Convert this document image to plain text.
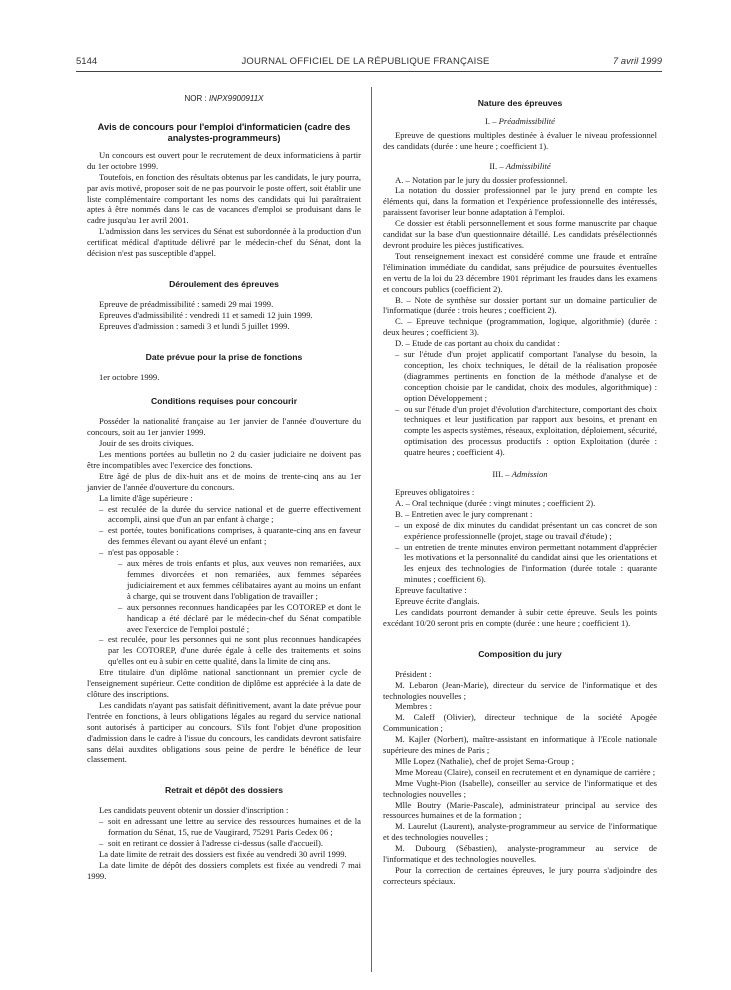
5144	JOURNAL OFFICIEL DE LA RÉPUBLIQUE FRANÇAISE	7 avril 1999
NOR : INPX9900911X
Avis de concours pour l'emploi d'informaticien (cadre des analystes-programmeurs)

Un concours est ouvert pour le recrutement de deux informaticiens à partir du 1er octobre 1999.

Toutefois, en fonction des résultats obtenus par les candidats, le jury pourra, par avis motivé, proposer soit de ne pas pourvoir le poste offert, soit établir une liste complémentaire comportant les noms des candidats qui lui paraîtraient aptes à être nommés dans le cas de vacances d'emploi se produisant dans le cadre jusqu'au 1er avril 2001.

L'admission dans les services du Sénat est subordonnée à la production d'un certificat médical d'aptitude délivré par le médecin-chef du Sénat, dont la décision n'est pas susceptible d'appel.

Déroulement des épreuves

Epreuve de préadmissibilité : samedi 29 mai 1999.

Epreuves d'admissibilité : vendredi 11 et samedi 12 juin 1999.

Epreuves d'admission : samedi 3 et lundi 5 juillet 1999.

Date prévue pour la prise de fonctions

1er octobre 1999.

Conditions requises pour concourir

Posséder la nationalité française au 1er janvier de l'année d'ouverture du concours, soit au 1er janvier 1999.

Jouir de ses droits civiques.

Les mentions portées au bulletin no 2 du casier judiciaire ne doivent pas être incompatibles avec l'exercice des fonctions.

Etre âgé de plus de dix-huit ans et de moins de trente-cinq ans au 1er janvier de l'année d'ouverture du concours.

La limite d'âge supérieure :

– est reculée de la durée du service national et de guerre effectivement accompli, ainsi que d'un an par enfant à charge ;
– est portée, toutes bonifications comprises, à quarante-cinq ans en faveur des femmes élevant ou ayant élevé un enfant ;
– n'est pas opposable :
– aux mères de trois enfants et plus, aux veuves non remariées, aux femmes divorcées et non remariées, aux femmes séparées judiciairement et aux femmes célibataires ayant au moins un enfant à charge, qui se trouvent dans l'obligation de travailler ;
– aux personnes reconnues handicapées par les COTOREP et dont le handicap a été déclaré par le médecin-chef du Sénat compatible avec l'exercice de l'emploi postulé ;
– est reculée, pour les personnes qui ne sont plus reconnues handicapées par les COTOREP, d'une durée égale à celle des traitements et soins qu'elles ont eu à subir en cette qualité, dans la limite de cinq ans.

Etre titulaire d'un diplôme national sanctionnant un premier cycle de l'enseignement supérieur. Cette condition de diplôme est appréciée à la date de clôture des inscriptions.

Les candidats n'ayant pas satisfait définitivement, avant la date prévue pour l'entrée en fonctions, à leurs obligations légales au regard du service national sont autorisés à participer au concours. S'ils font l'objet d'une proposition d'admission dans le cadre à l'issue du concours, les candidats devront satisfaire sans délai auxdites obligations sous peine de perdre le bénéfice de leur classement.

Retrait et dépôt des dossiers

Les candidats peuvent obtenir un dossier d'inscription :

– soit en adressant une lettre au service des ressources humaines et de la formation du Sénat, 15, rue de Vaugirard, 75291 Paris Cedex 06 ;
– soit en retirant ce dossier à l'adresse ci-dessus (salle d'accueil).

La date limite de retrait des dossiers est fixée au vendredi 30 avril 1999.

La date limite de dépôt des dossiers complets est fixée au vendredi 7 mai 1999.

Nature des épreuves
I. – Préadmissibilité

Epreuve de questions multiples destinée à évaluer le niveau professionnel des candidats (durée : une heure ; coefficient 1).

II. – Admissibilité

A. – Notation par le jury du dossier professionnel.

La notation du dossier professionnel par le jury prend en compte les éléments qui, dans la formation et l'expérience professionnelle des intéressés, paraissent favoriser leur bonne adaptation à l'emploi.

Ce dossier est établi personnellement et sous forme manuscrite par chaque candidat sur la base d'un questionnaire détaillé. Les candidats présélectionnés devront produire les pièces justificatives.

Tout renseignement inexact est considéré comme une fraude et entraîne l'élimination immédiate du candidat, sans préjudice de poursuites éventuelles en vertu de la loi du 23 décembre 1901 réprimant les fraudes dans les examens et concours publics (coefficient 2).

B. – Note de synthèse sur dossier portant sur un domaine particulier de l'informatique (durée : trois heures ; coefficient 2).

C. – Epreuve technique (programmation, logique, algorithmie) (durée : deux heures ; coefficient 3).

D. – Etude de cas portant au choix du candidat :

– sur l'étude d'un projet applicatif comportant l'analyse du besoin, la conception, les choix techniques, le détail de la réalisation proposée (diagrammes pertinents en fonction de la méthode d'analyse et de conception choisie par le candidat, choix des modules, algorithmique) : option Développement ;
– ou sur l'étude d'un projet d'évolution d'architecture, comportant des choix techniques et leur justification par rapport aux besoins, et prenant en compte les aspects systèmes, réseaux, exploitation, déploiement, sécurité, optimisation des processus productifs : option Exploitation (durée : quatre heures ; coefficient 4).
III. – Admission

Epreuves obligatoires :

A. – Oral technique (durée : vingt minutes ; coefficient 2).

B. – Entretien avec le jury comprenant :

– un exposé de dix minutes du candidat présentant un cas concret de son expérience professionnelle (projet, stage ou travail d'étude) ;
– un entretien de trente minutes environ permettant notamment d'apprécier les motivations et la personnalité du candidat ainsi que les orientations et les enjeux des technologies de l'information (durée totale : quarante minutes ; coefficient 6).

Epreuve facultative :

Epreuve écrite d'anglais.

Les candidats pourront demander à subir cette épreuve. Seuls les points excédant 10/20 seront pris en compte (durée : une heure ; coefficient 1).

Composition du jury

Président :

M. Lebaron (Jean-Marie), directeur du service de l'informatique et des technologies nouvelles ;

Membres :

M. Caleff (Olivier), directeur technique de la société Apogée Communication ;

M. Kajler (Norbert), maître-assistant en informatique à l'Ecole nationale supérieure des mines de Paris ;

Mlle Lopez (Nathalie), chef de projet Sema-Group ;

Mme Moreau (Claire), conseil en recrutement et en dynamique de carrière ;

Mme Vught-Pion (Isabelle), conseiller au service de l'informatique et des technologies nouvelles ;

Mlle Boutry (Marie-Pascale), administrateur principal au service des ressources humaines et de la formation ;

M. Laurelut (Laurent), analyste-programmeur au service de l'informatique et des technologies nouvelles ;

M. Dubourg (Sébastien), analyste-programmeur au service de l'informatique et des technologies nouvelles.

Pour la correction de certaines épreuves, le jury pourra s'adjoindre des correcteurs spéciaux.
